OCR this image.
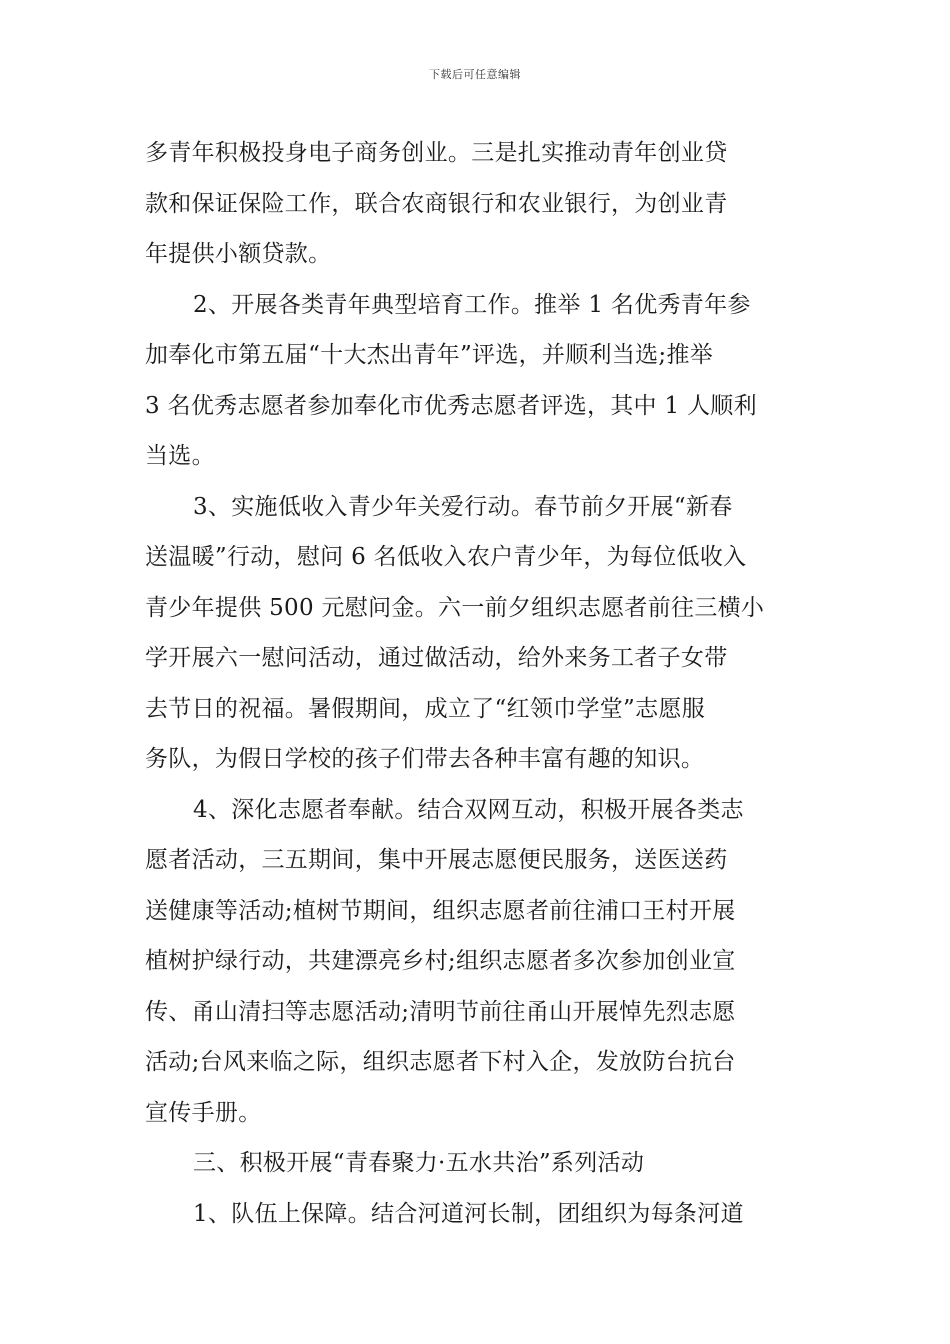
下载后可任意编辑
多青年积极投身电子商务创业。三是扎实推动青年创业贷
款和保证保险工作，联合农商银行和农业银行，为创业青
年提供小额贷款。
2、开展各类青年典型培育工作。推举 1 名优秀青年参
加奉化市第五届“十大杰出青年”评选，并顺利当选;推举
3 名优秀志愿者参加奉化市优秀志愿者评选，其中 1 人顺利
当选。
3、实施低收入青少年关爱行动。春节前夕开展“新春
送温暖”行动，慰问 6 名低收入农户青少年，为每位低收入
青少年提供 500 元慰问金。六一前夕组织志愿者前往三横小
学开展六一慰问活动，通过做活动，给外来务工者子女带
去节日的祝福。暑假期间，成立了“红领巾学堂”志愿服
务队，为假日学校的孩子们带去各种丰富有趣的知识。
4、深化志愿者奉献。结合双网互动，积极开展各类志
愿者活动，三五期间，集中开展志愿便民服务，送医送药
送健康等活动;植树节期间，组织志愿者前往浦口王村开展
植树护绿行动，共建漂亮乡村;组织志愿者多次参加创业宣
传、甬山清扫等志愿活动;清明节前往甬山开展悼先烈志愿
活动;台风来临之际，组织志愿者下村入企，发放防台抗台
宣传手册。
三、积极开展“青春聚力·五水共治”系列活动
1、队伍上保障。结合河道河长制，团组织为每条河道
